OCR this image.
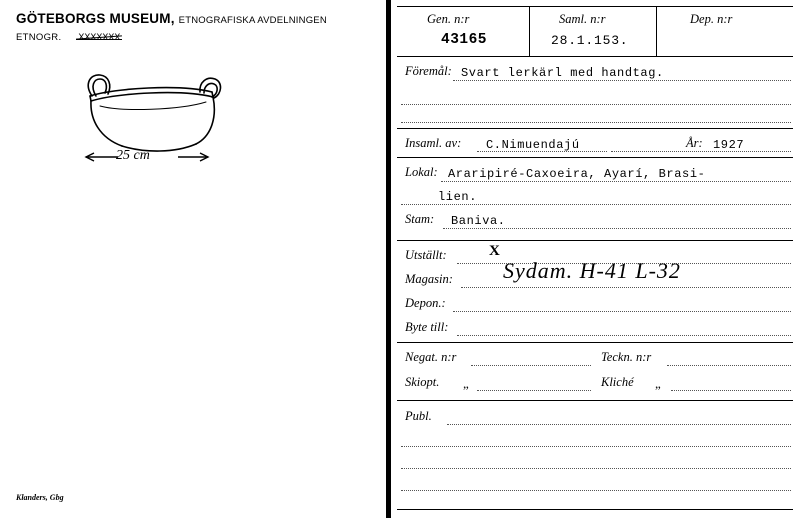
GÖTEBORGS MUSEUM, ETNOGRAFISKA AVDELNINGEN
ETNOGR. XXXXXXX
25 cm
Klanders, Gbg
Gen. n:r
43165
Saml. n:r
28.1.153.
Dep. n:r
Föremål: Svart lerkärl med handtag.
Insaml. av: C.Nimuendajú	År: 1927
Lokal: Araripiré-Caxoeira, Ayarí, Brasi-
lien.
Stam: Baniva.
Utställt:	X
Magasin: Sydam. H-41 L-32
Depon.:
Byte till:
Negat. n:r	Teckn. n:r
Skiopt. „	Kliché „
Publ.
